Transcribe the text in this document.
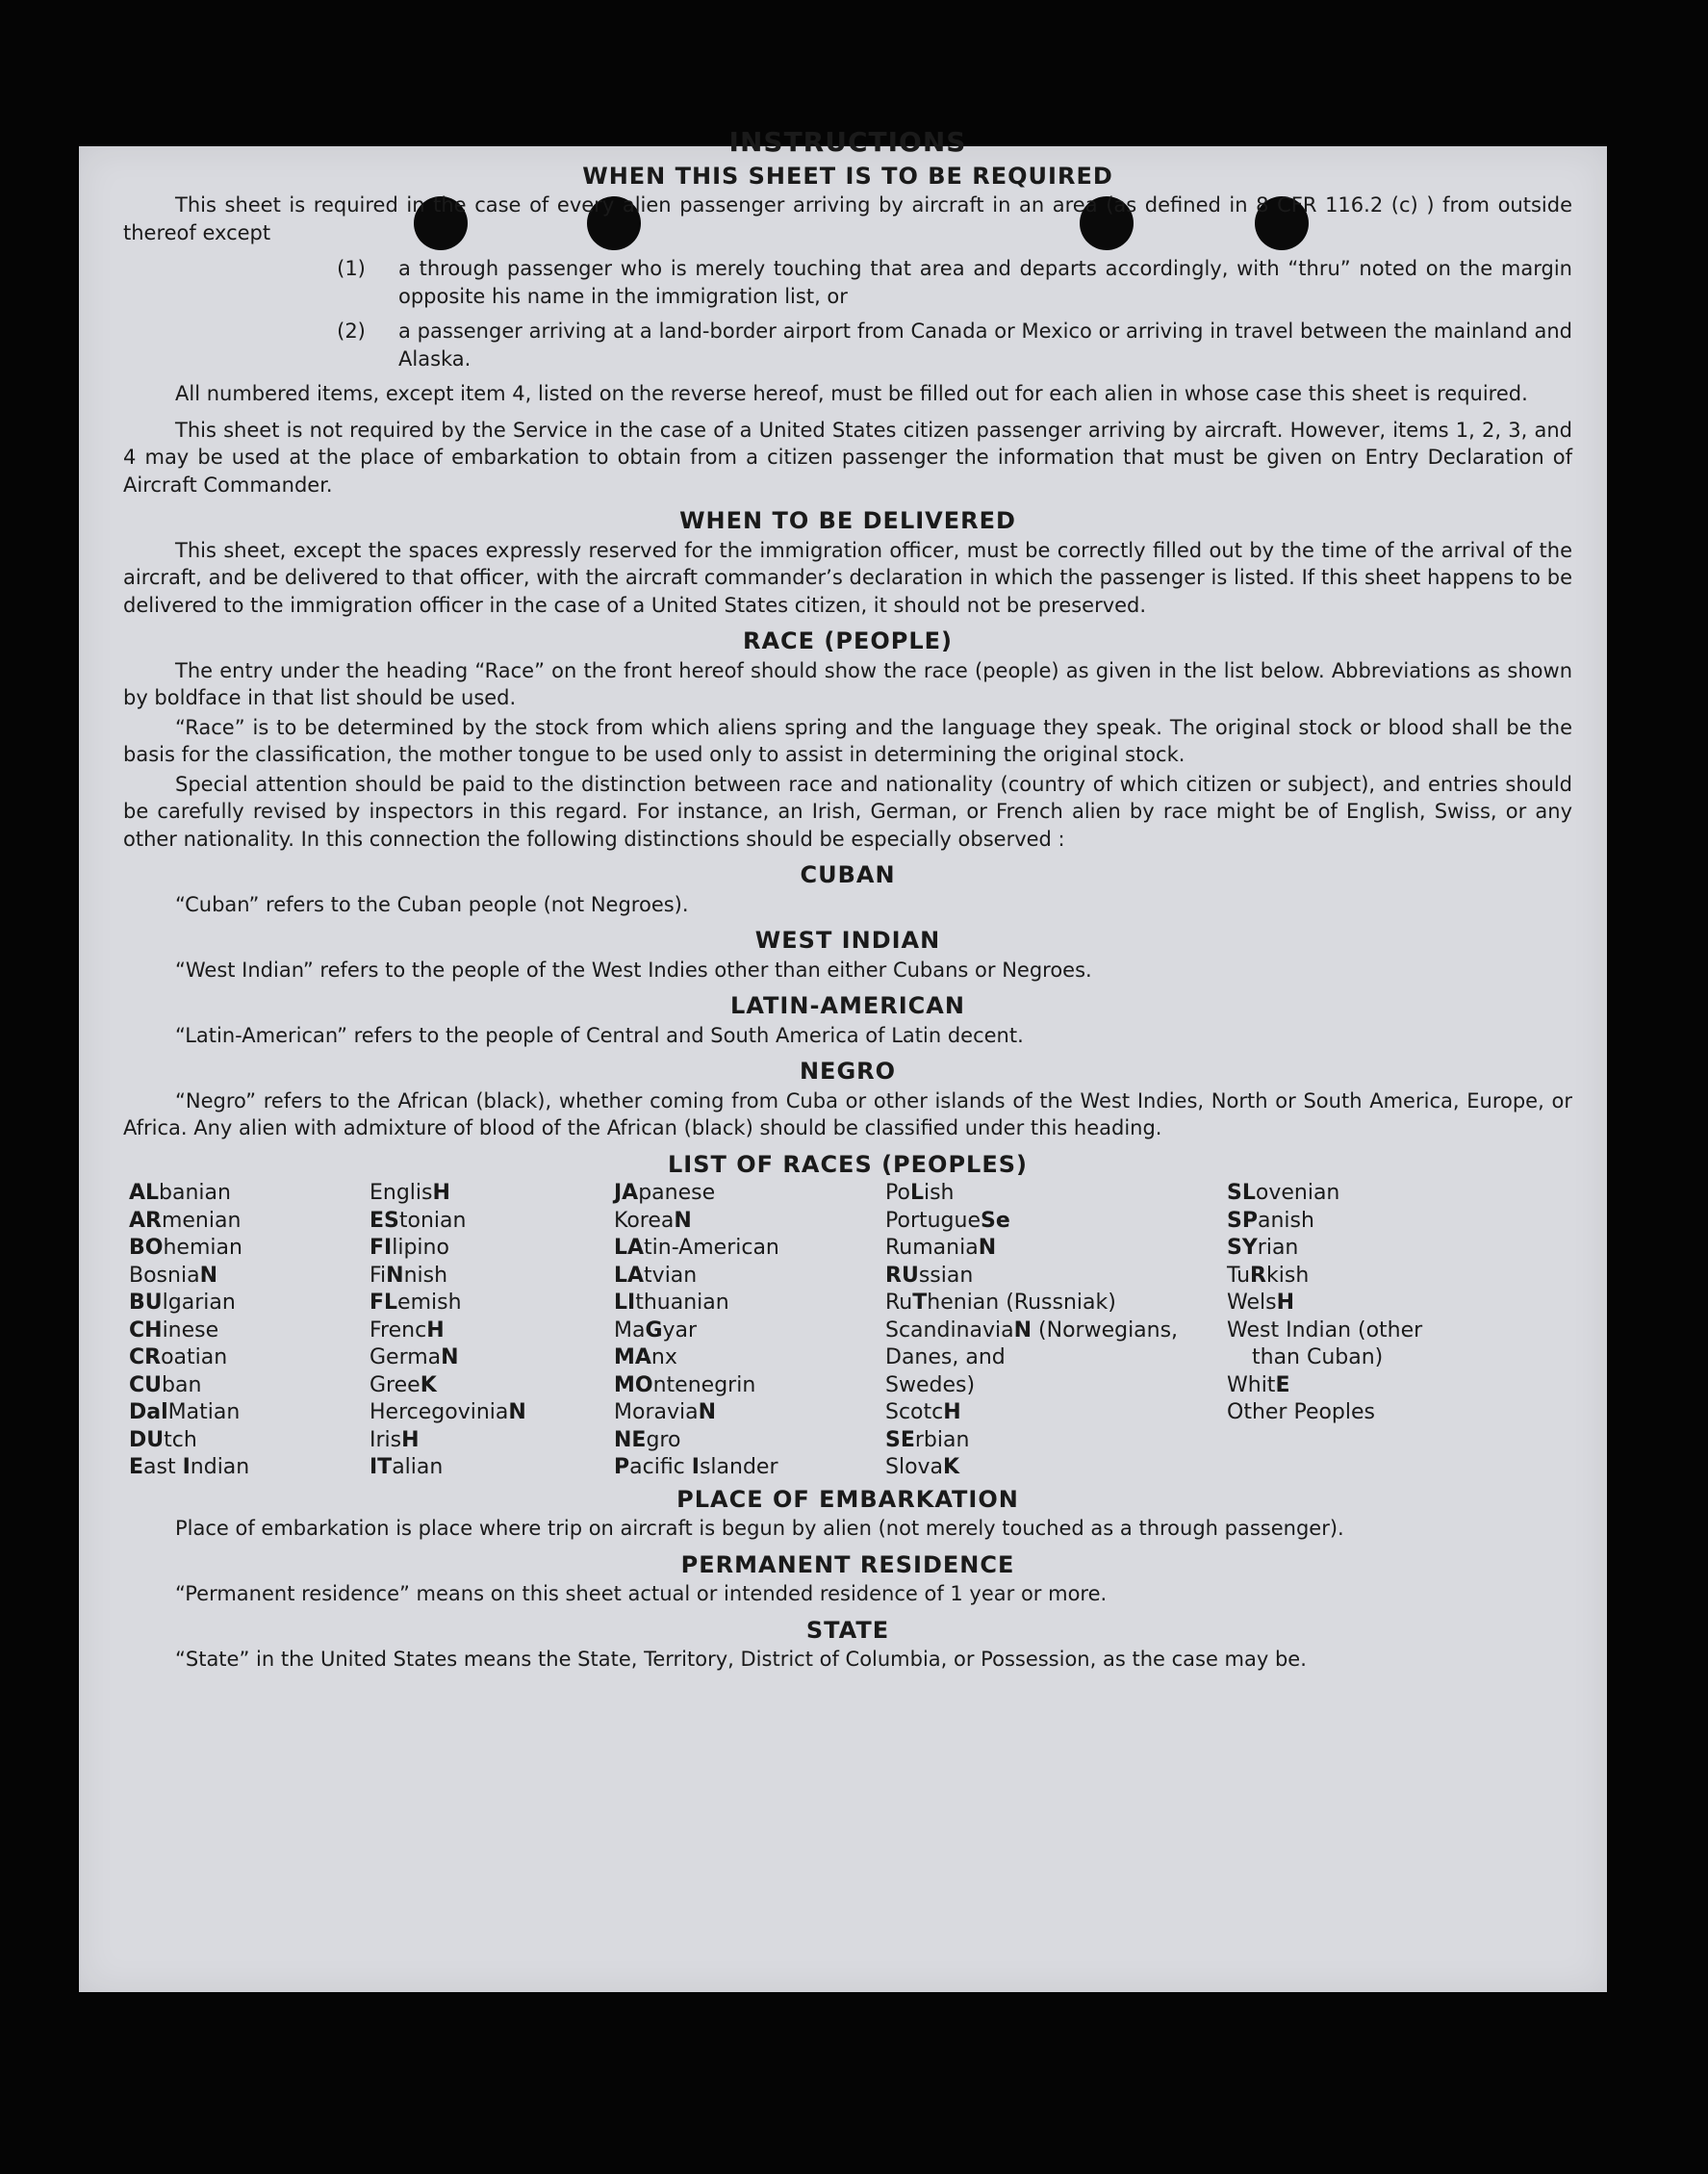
INSTRUCTIONS
WHEN THIS SHEET IS TO BE REQUIRED

This sheet is required in the case of every alien passenger arriving by aircraft in an area (as defined in 8 CFR 116.2 (c) ) from outside thereof except

(1)	a through passenger who is merely touching that area and departs accordingly, with “thru” noted on the margin opposite his name in the immigration list, or
(2)	a passenger arriving at a land-border airport from Canada or Mexico or arriving in travel between the mainland and Alaska.

All numbered items, except item 4, listed on the reverse hereof, must be filled out for each alien in whose case this sheet is required.

This sheet is not required by the Service in the case of a United States citizen passenger arriving by aircraft. However, items 1, 2, 3, and 4 may be used at the place of embarkation to obtain from a citizen passenger the information that must be given on Entry Declaration of Aircraft Commander.

WHEN TO BE DELIVERED

This sheet, except the spaces expressly reserved for the immigration officer, must be correctly filled out by the time of the arrival of the aircraft, and be delivered to that officer, with the aircraft commander’s declaration in which the passenger is listed. If this sheet happens to be delivered to the immigration officer in the case of a United States citizen, it should not be preserved.

RACE (PEOPLE)

The entry under the heading “Race” on the front hereof should show the race (people) as given in the list below. Abbreviations as shown by boldface in that list should be used.

“Race” is to be determined by the stock from which aliens spring and the language they speak. The original stock or blood shall be the basis for the classification, the mother tongue to be used only to assist in determining the original stock.

Special attention should be paid to the distinction between race and nationality (country of which citizen or subject), and entries should be carefully revised by inspectors in this regard. For instance, an Irish, German, or French alien by race might be of English, Swiss, or any other nationality. In this connection the following distinctions should be especially observed :

CUBAN

“Cuban” refers to the Cuban people (not Negroes).

WEST INDIAN

“West Indian” refers to the people of the West Indies other than either Cubans or Negroes.

LATIN-AMERICAN

“Latin-American” refers to the people of Central and South America of Latin decent.

NEGRO

“Negro” refers to the African (black), whether coming from Cuba or other islands of the West Indies, North or South America, Europe, or Africa. Any alien with admixture of blood of the African (black) should be classified under this heading.

LIST OF RACES (PEOPLES)
ALbanian
ARmenian
BOhemian
BosniaN
BUlgarian
CHinese
CRoatian
CUban
DalMatian
DUtch
East Indian
EnglisH
EStonian
FIlipino
FiNnish
FLemish
FrencH
GermaN
GreeK
HercegoviniaN
IrisH
ITalian
JApanese
KoreaN
LAtin-American
LAtvian
LIthuanian
MaGyar
MAnx
MOntenegrin
MoraviaN
NEgro
Pacific Islander
PoLish
PortugueSe
RumaniaN
RUssian
RuThenian (Russniak)
ScandinaviaN (Norwegians,
Danes, and
Swedes)
ScotcH
SErbian
SlovaK
SLovenian
SPanish
SYrian
TuRkish
WelsH
West Indian (other
than Cuban)
WhitE
Other Peoples
PLACE OF EMBARKATION

Place of embarkation is place where trip on aircraft is begun by alien (not merely touched as a through passenger).

PERMANENT RESIDENCE

“Permanent residence” means on this sheet actual or intended residence of 1 year or more.

STATE

“State” in the United States means the State, Territory, District of Columbia, or Possession, as the case may be.
